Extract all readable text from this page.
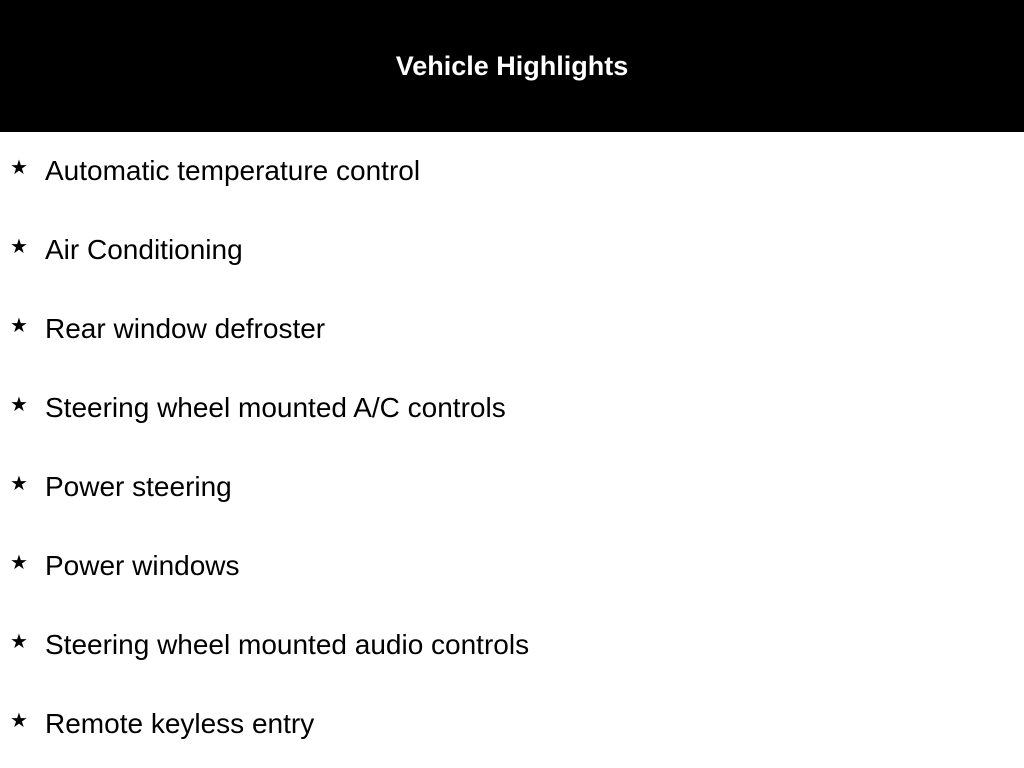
Vehicle Highlights
★ Automatic temperature control
★ Air Conditioning
★ Rear window defroster
★ Steering wheel mounted A/C controls
★ Power steering
★ Power windows
★ Steering wheel mounted audio controls
★ Remote keyless entry
